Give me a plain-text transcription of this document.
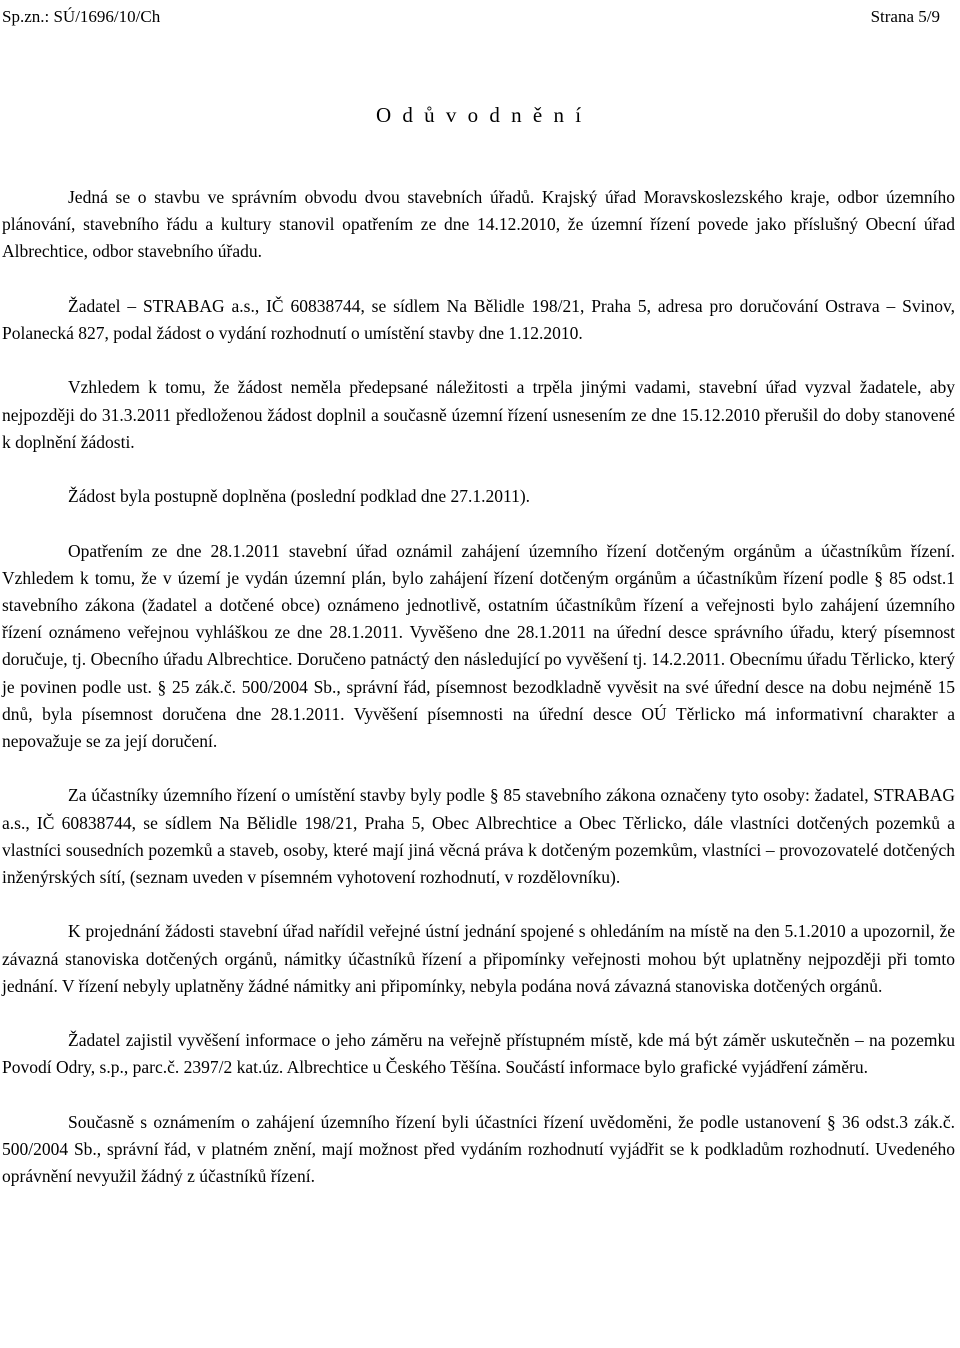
Sp.zn.: SÚ/1696/10/Ch	Strana 5/9
O d ů v o d n ě n í

Jedná se o stavbu ve správním obvodu dvou stavebních úřadů. Krajský úřad Moravskoslezského kraje, odbor územního plánování, stavebního řádu a kultury stanovil opatřením ze dne 14.12.2010, že územní řízení povede jako příslušný Obecní úřad Albrechtice, odbor stavebního úřadu.

Žadatel – STRABAG a.s., IČ 60838744, se sídlem Na Bělidle 198/21, Praha 5, adresa pro doručování Ostrava – Svinov, Polanecká 827, podal žádost o vydání rozhodnutí o umístění stavby dne 1.12.2010.

Vzhledem k tomu, že žádost neměla předepsané náležitosti a trpěla jinými vadami, stavební úřad vyzval žadatele, aby nejpozději do 31.3.2011 předloženou žádost doplnil a současně územní řízení usnesením ze dne 15.12.2010 přerušil do doby stanovené k doplnění žádosti.

Žádost byla postupně doplněna (poslední podklad dne 27.1.2011).

Opatřením ze dne 28.1.2011 stavební úřad oznámil zahájení územního řízení dotčeným orgánům a účastníkům řízení. Vzhledem k tomu, že v území je vydán územní plán, bylo zahájení řízení dotčeným orgánům a účastníkům řízení podle § 85 odst.1 stavebního zákona (žadatel a dotčené obce) oznámeno jednotlivě, ostatním účastníkům řízení a veřejnosti bylo zahájení územního řízení oznámeno veřejnou vyhláškou ze dne 28.1.2011. Vyvěšeno dne 28.1.2011 na úřední desce správního úřadu, který písemnost doručuje, tj. Obecního úřadu Albrechtice. Doručeno patnáctý den následující po vyvěšení tj. 14.2.2011. Obecnímu úřadu Těrlicko, který je povinen podle ust. § 25 zák.č. 500/2004 Sb., správní řád, písemnost bezodkladně vyvěsit na své úřední desce na dobu nejméně 15 dnů, byla písemnost doručena dne 28.1.2011. Vyvěšení písemnosti na úřední desce OÚ Těrlicko má informativní charakter a nepovažuje se za její doručení.

Za účastníky územního řízení o umístění stavby byly podle § 85 stavebního zákona označeny tyto osoby: žadatel, STRABAG a.s., IČ 60838744, se sídlem Na Bělidle 198/21, Praha 5, Obec Albrechtice a Obec Těrlicko, dále vlastníci dotčených pozemků a vlastníci sousedních pozemků a staveb, osoby, které mají jiná věcná práva k dotčeným pozemkům, vlastníci – provozovatelé dotčených inženýrských sítí, (seznam uveden v písemném vyhotovení rozhodnutí, v rozdělovníku).

K projednání žádosti stavební úřad nařídil veřejné ústní jednání spojené s ohledáním na místě na den 5.1.2010 a upozornil, že závazná stanoviska dotčených orgánů, námitky účastníků řízení a připomínky veřejnosti mohou být uplatněny nejpozději při tomto jednání. V řízení nebyly uplatněny žádné námitky ani připomínky, nebyla podána nová závazná stanoviska dotčených orgánů.

Žadatel zajistil vyvěšení informace o jeho záměru na veřejně přístupném místě, kde má být záměr uskutečněn – na pozemku Povodí Odry, s.p., parc.č. 2397/2 kat.úz. Albrechtice u Českého Těšína. Součástí informace bylo grafické vyjádření záměru.

Současně s oznámením o zahájení územního řízení byli účastníci řízení uvědoměni, že podle ustanovení § 36 odst.3 zák.č. 500/2004 Sb., správní řád, v platném znění, mají možnost před vydáním rozhodnutí vyjádřit se k podkladům rozhodnutí. Uvedeného oprávnění nevyužil žádný z účastníků řízení.
